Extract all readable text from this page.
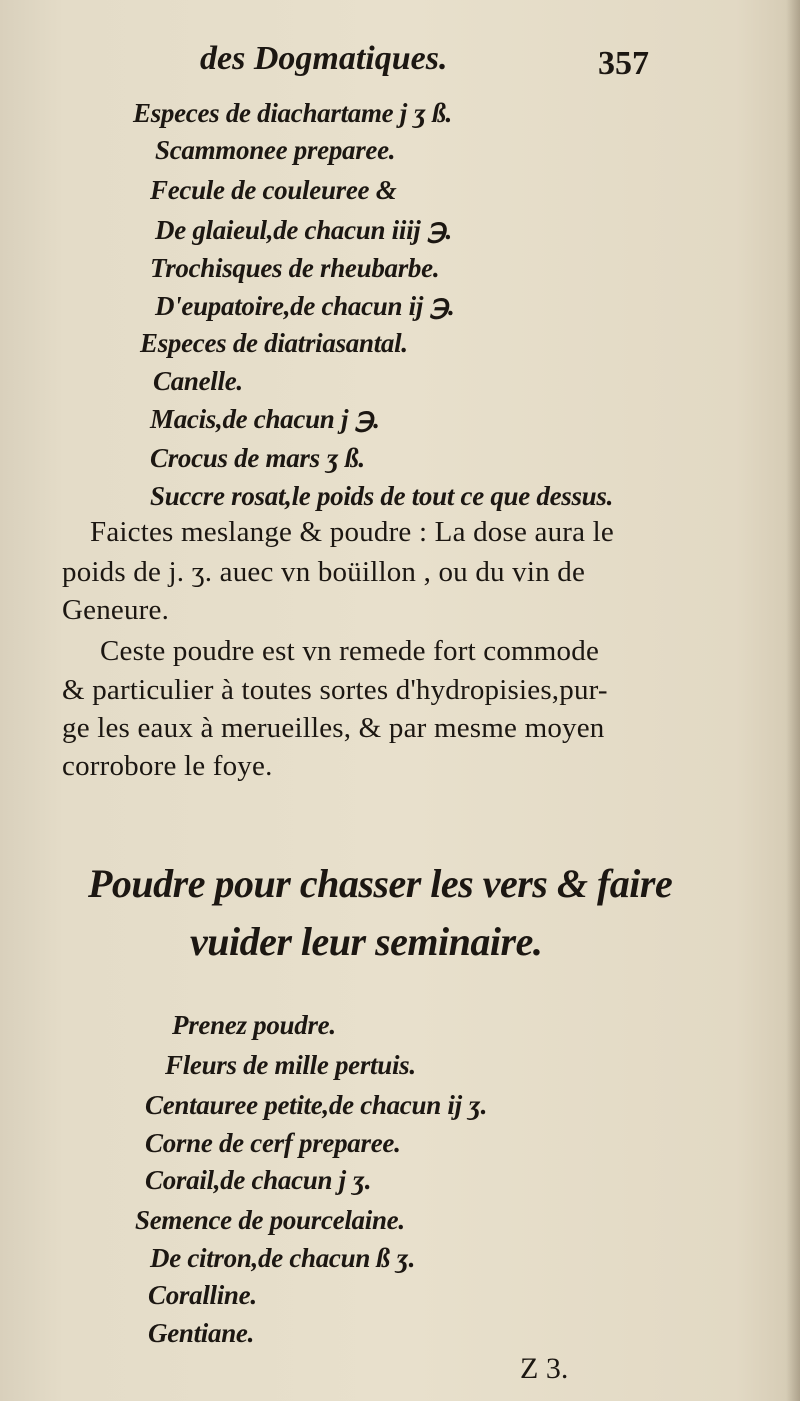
des Dogmatiques.	357
Especes de diachartame j ʒ ß.
Scammonee preparee.
Fecule de couleuree &
De glaieul,de chacun iiij ℈.
Trochisques de rheubarbe.
D'eupatoire,de chacun ij ℈.
Especes de diatriasantal.
Canelle.
Macis,de chacun j ℈.
Crocus de mars ʒ ß.
Succre rosat,le poids de tout ce que dessus.
Faictes meslange & poudre : La dose aura le
poids de j. ʒ. auec vn boüillon , ou du vin de
Geneure.
Ceste poudre est vn remede fort commode
& particulier à toutes sortes d'hydropisies,pur-
ge les eaux à merueilles, & par mesme moyen
corrobore le foye.
Poudre pour chasser les vers & faire
vuider leur seminaire.
Prenez poudre.
Fleurs de mille pertuis.
Centauree petite,de chacun ij ʒ.
Corne de cerf preparee.
Corail,de chacun j ʒ.
Semence de pourcelaine.
De citron,de chacun ß ʒ.
Coralline.
Gentiane.
Z 3.
